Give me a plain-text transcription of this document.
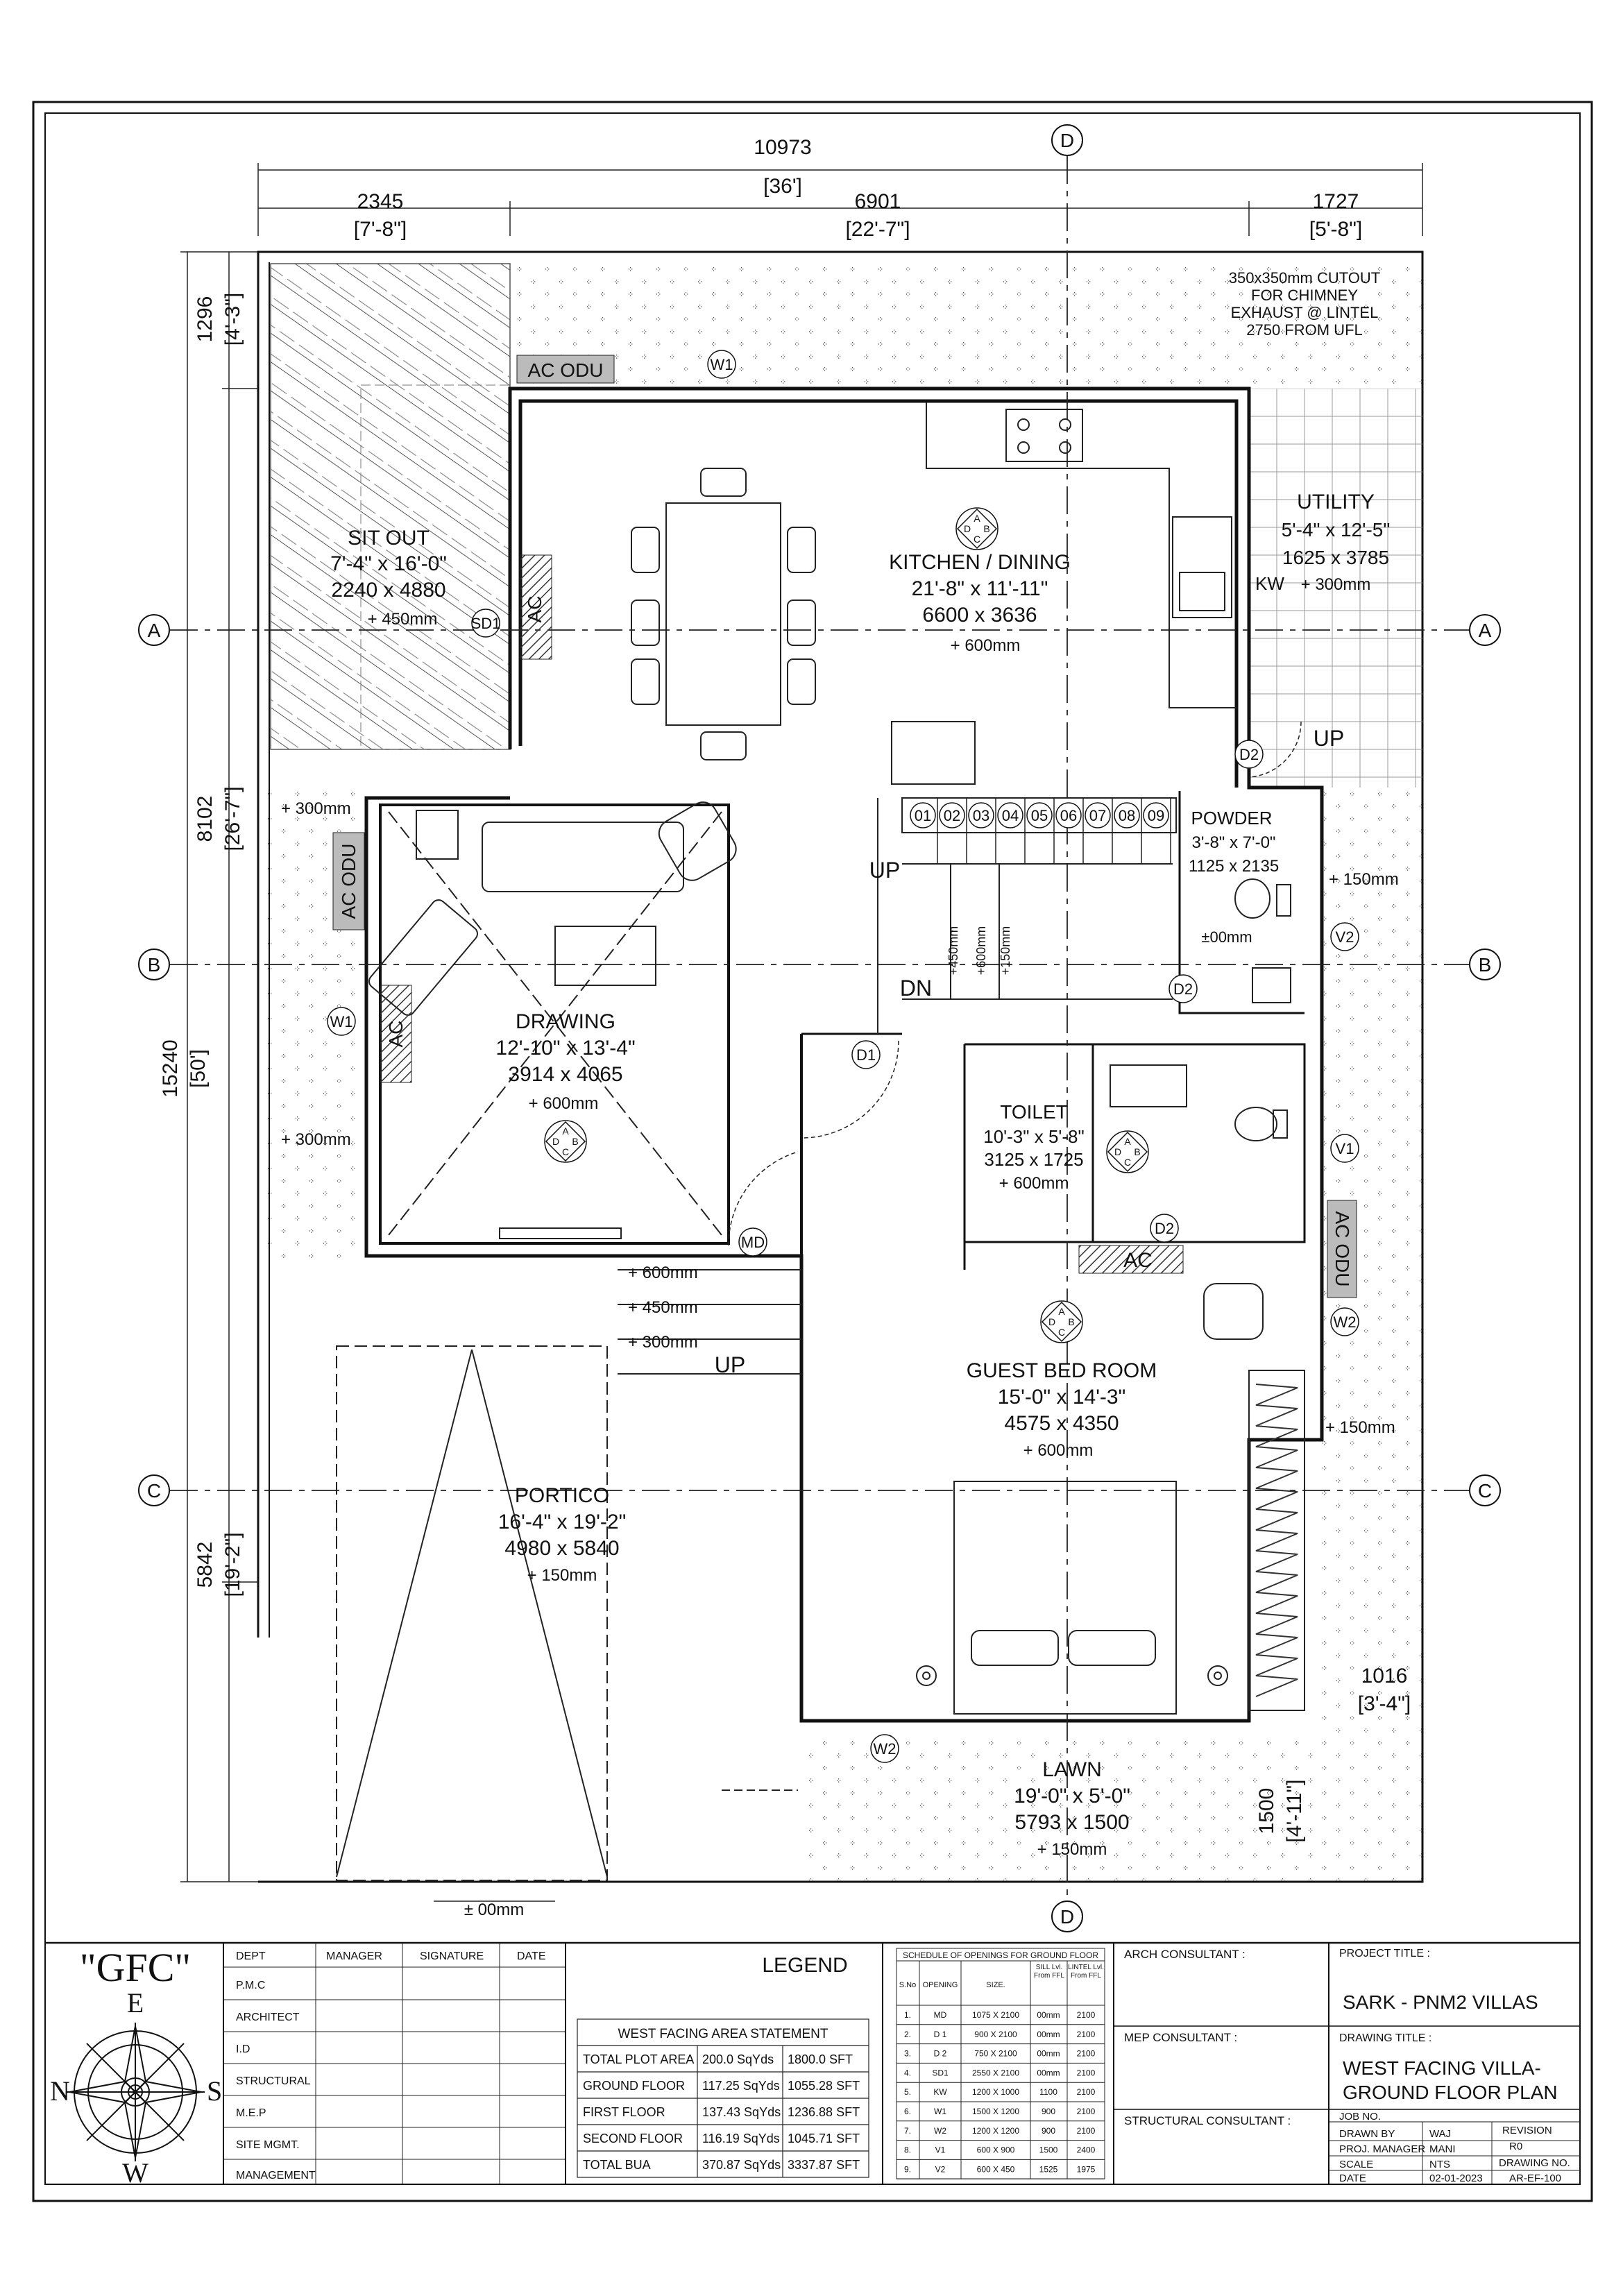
10973
[36']
2345
[7'-8"]
6901
[22'-7"]
1727
[5'-8"]
1296 [4'-3"]
8102 [26'-7"]
15240 [50']
5842 [19'-2"]
1016
[3'-4"]
1500 [4'-11"]
A	A
B	B
C	C
D
D
01 02 03 04 05 06 07 08 09
AC
AC
AC
AC ODU
AC ODU
AC ODU
W1
SD1
W1
D1
D2
D2
D2
MD
W2
V2
V1
W2
KW
UP
DN
UP
UP
+450mm +600mm +150mm
+ 300mm
+ 300mm
+ 150mm
+ 150mm
+ 600mm
+ 450mm
+ 300mm
350x350mm CUTOUT
FOR CHIMNEY
EXHAUST @ LINTEL
2750 FROM UFL
SIT OUT
7'-4" x 16'-0"
2240 x 4880
+ 450mm
KITCHEN / DINING
21'-8" x 11'-11"
6600 x 3636
+ 600mm
UTILITY
5'-4" x 12'-5"
1625 x 3785
+ 300mm
POWDER
3'-8" x 7'-0"
1125 x 2135
±00mm
DRAWING
12'-10" x 13'-4"
3914 x 4065
+ 600mm	TOILET
10'-3" x 5'-8"
3125 x 1725
+ 600mm
GUEST BED ROOM
15'-0" x 14'-3"
4575 x 4350
+ 600mm
PORTICO
16'-4" x 19'-2"
4980 x 5840
+ 150mm
LAWN
19'-0" x 5'-0"
5793 x 1500
+ 150mm
± 00mm
A
B
C
D
A
B
C
D	A
B
C
D
A
B
C
D
"GFC"
E
N	S
W
DEPT	MANAGER	SIGNATURE	DATE
P.M.C
ARCHITECT
I.D
STRUCTURAL
M.E.P
SITE MGMT.
MANAGEMENT
LEGEND
WEST FACING AREA STATEMENT
TOTAL PLOT AREA 200.0 SqYds 1800.0 SFT
GROUND FLOOR 117.25 SqYds 1055.28 SFT
FIRST FLOOR	137.43 SqYds 1236.88 SFT
SECOND FLOOR 116.19 SqYds 1045.71 SFT
TOTAL BUA	370.87 SqYds 3337.87 SFT
SCHEDULE OF OPENINGS FOR GROUND FLOOR
S.No OPENING	SIZE.
SILL Lvl. From FFL
LINTEL Lvl. From FFL
1.	MD	1075 X 2100 00mm 2100
2.	D 1	900 X 2100 00mm 2100
3.	D 2	750 X 2100 00mm 2100
4.	SD1	2550 X 2100 00mm 2100
5.	KW	1200 X 1000 1100 2100
6.	W1	1500 X 1200	900	2100
7.	W2	1200 X 1200	900	2100
8.	V1	600 X 900	1500 2400
9.	V2	600 X 450	1525 1975
ARCH CONSULTANT :
MEP CONSULTANT :
STRUCTURAL CONSULTANT :
PROJECT TITLE :
SARK - PNM2 VILLAS
DRAWING TITLE :
WEST FACING VILLA-
GROUND FLOOR PLAN
JOB NO.
DRAWN BY	WAJ
PROJ. MANAGER MANI
SCALE	NTS
DATE	02-01-2023
REVISION
R0
DRAWING NO.
AR-EF-100
